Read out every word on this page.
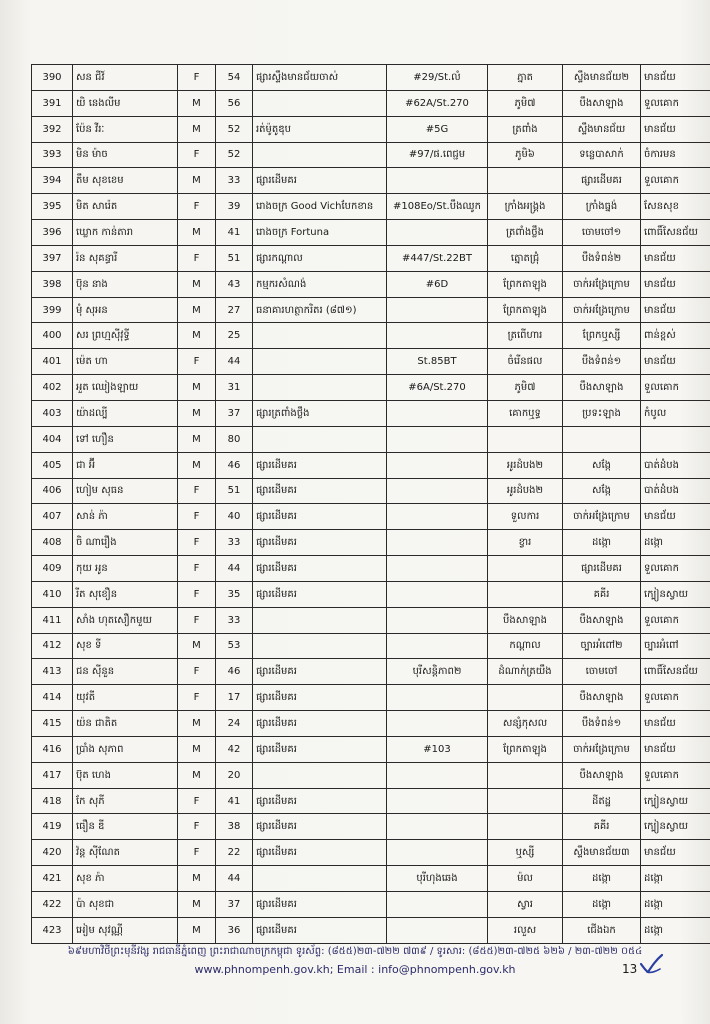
390	សន ជីវ៍	F	54	ផ្សារស្ទឹងមានជ័យចាស់	#29/St.លំ		ភ្នាត	ស្ទឹងមានជ័យ២	មានជ័យ
391	យិ នេងលីម	M	56		#62A/St.270		ភូមិ៧	បឹងសាឡាង	ទួលគោក
392	ប៉ែន វីរៈ	M	52	រត់ម៉ូតូឌុប	#5G		ត្រពាំង	ស្ទឹងមានជ័យ	មានជ័យ
393	មិន ម៉ាច	F	52		#97/ផ.ពេជ្ជម		ភូមិ៦	ទន្លេបាសាក់	ចំការមន
394	តឹម សុខខេម	M	33	ផ្សារដើមគរ				ផ្សារដើមគរ	ទួលគោក
395	មិត សារ៉េត	F	39	រោងចក្រ Good Vichបែកខាន	#108Eo/St.បឹងឈូក		ក្រាំងអង្គ្រង	ក្រាំងធ្នង់	សែនសុខ
396	ឃ្លោក កាន់តារា	M	41	រោងចក្រ Fortuna			ត្រពាំងថ្លឹង	ចោមចៅ១	ពោធិ៍សែនជ័យ
397	រ៉ន សុគន្ធារី	F	51	ផ្សារកណ្តាល	#447/St.22BT		ត្នោតជ្រុំ	បឹងទំពន់២	មានជ័យ
398	ប៊ុន នាង	M	43	កម្មករសំណង់	#6D		ព្រែកតាឡុង	ចាក់អង្រែក្រោម	មានជ័យ
399	មុំ សុអន	M	27	ធនាគារហត្ថាករិតរ (៨៧១)			ព្រែកតាឡុង	ចាក់អង្រែក្រោម	មានជ័យ
400	សរ ព្រហ្មស៊ីវុទ្ធី	M	25				ត្រពើហារ	ព្រែកឬស្សី	ពាន់ខ្ពស់
401	ម៉េត ហា	F	44		St.85BT		ចំរើនផល	បឹងទំពន់១	មានជ័យ
402	អួត ឈៀងឡាយ	M	31		#6A/St.270		ភូមិ៧	បឹងសាឡាង	ទួលគោក
403	យ៉ាដល្បី	M	37	ផ្សារត្រពាំងថ្លឹង			គោកឬទ្ធ	ប្រទះឡាង	កំបូល
404	ទៅ ហឿន	M	80						
405	ជា អ៊ី	M	46	ផ្សារដើមគរ			អូរដំបង២	សង្កែ	បាត់ដំបង
406	ហៀម សុធន	F	51	ផ្សារដើមគរ			អូរដំបង២	សង្កែ	បាត់ដំបង
407	សាន់ ភ៉ា	F	40	ផ្សារដើមគរ			ទួលការ	ចាក់អង្រែក្រោម	មានជ័យ
408	ចិ ណារឿង	F	33	ផ្សារដើមគរ			ខ្វារ	ដង្កោ	ដង្កោ
409	កុយ អូន	F	44	ផ្សារដើមគរ				ផ្សារដើមគរ	ទួលគោក
410	រីត សុខឿន	F	35	ផ្សារដើមគរ				គគីរ	ក្បៀនស្វាយ
411	សាំង ហុតសឿកមួយ	F	33				បឹងសាឡាង	បឹងសាឡាង	ទួលគោក
412	សុខ ទី	M	53				កណ្តាល	ច្បារអំពៅ២	ច្បារអំពៅ
413	ជន ស៊ីនួន	F	46	ផ្សារដើមគរ	បុរីសន្តិភាព២		ដំណាក់ត្រយឹង	ចោមចៅ	ពោធិ៍សែនជ័យ
414	យុវតី	F	17	ផ្សារដើមគរ				បឹងសាឡាង	ទួលគោក
415	យ៉ន ជាតិត	M	24	ផ្សារដើមគរ			សន្សំកុសល	បឹងទំពន់១	មានជ័យ
416	ប្រាំង សុភាព	M	42	ផ្សារដើមគរ	#103		ព្រែកតាឡុង	ចាក់អង្រែក្រោម	មានជ័យ
417	ប៊ុត ហេង	M	20					បឹងសាឡាង	ទួលគោក
418	កែ សុភី	F	41	ផ្សារដើមគរ				ដីឥដ្ឋ	ក្បៀនស្វាយ
419	ធឿន ឌី	F	38	ផ្សារដើមគរ				គគីរ	ក្បៀនស្វាយ
420	វ៉ន្ត ស៊ីណែត	F	22	ផ្សារដើមគរ			ឬស្សី	ស្ទឹងមានជ័យ៣	មានជ័យ
421	សុខ ភ៉ា	M	44		បុរីហុងឆេង		ម៉ល	ដង្កោ	ដង្កោ
422	ប៉ា សុខជា	M	37	ផ្សារដើមគរ			ស្វារ	ដង្កោ	ដង្កោ
423	អៀម សុវណ្ណី	M	36	ផ្សារដើមគរ			រលួស	ជើងឯក	ដង្កោ
៦៩មហាវិថីព្រះមុនីវង្ស រាជធានីភ្នំពេញ ព្រះរាជាណាចក្រកម្ពុជា ទូរស័ព្ទ: (៨៥៥)២៣-៧២២ ៧៣៩ / ទូរសារ: (៨៥៥)២៣-៧២៥ ៦២៦ / ២៣-៧២២ ០៥៤
www.phnompenh.gov.kh; Email : info@phnompenh.gov.kh	13
